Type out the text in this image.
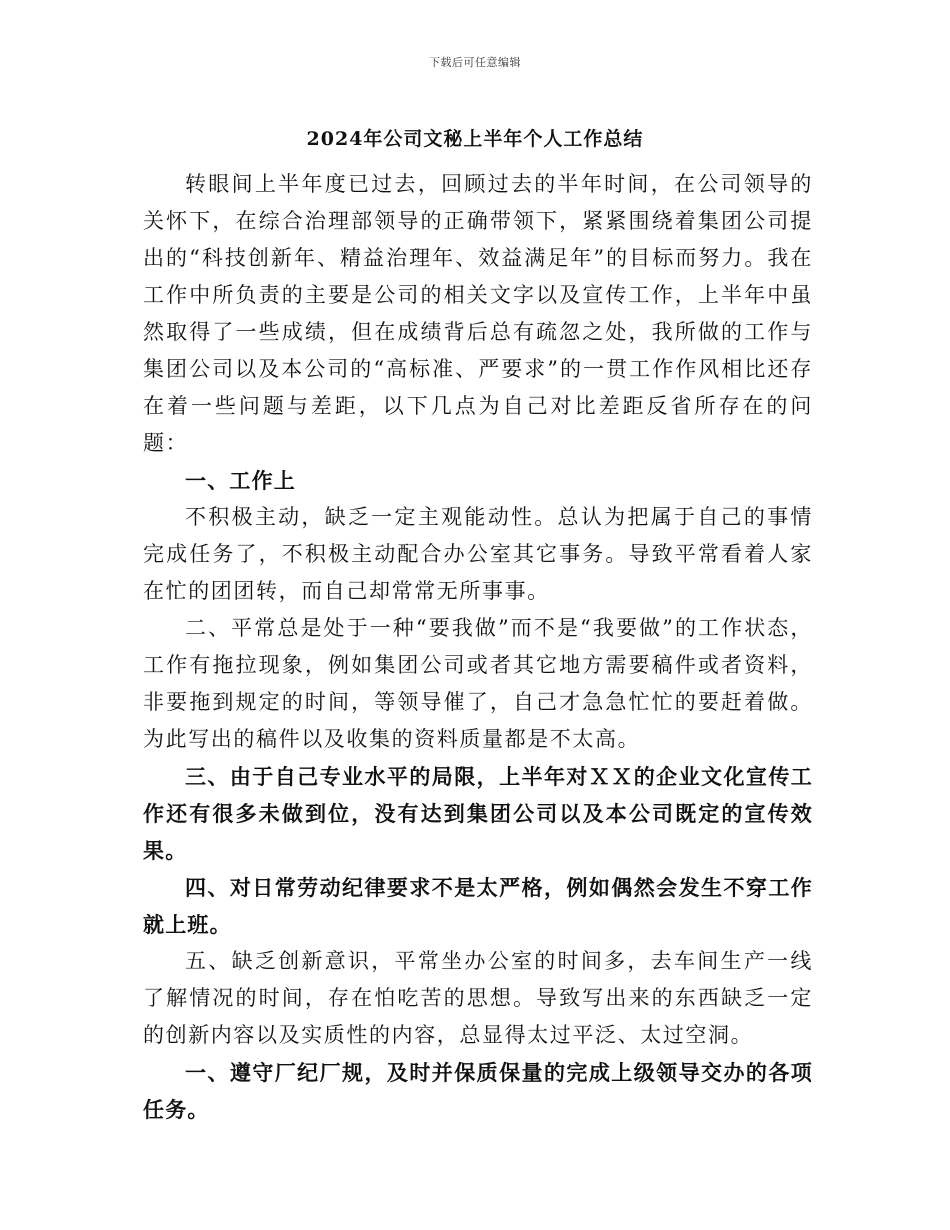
下载后可任意编辑
2024年公司文秘上半年个人工作总结

转眼间上半年度已过去，回顾过去的半年时间，在公司领导的关怀下，在综合治理部领导的正确带领下，紧紧围绕着集团公司提出的“科技创新年、精益治理年、效益满足年”的目标而努力。我在工作中所负责的主要是公司的相关文字以及宣传工作，上半年中虽然取得了一些成绩，但在成绩背后总有疏忽之处，我所做的工作与集团公司以及本公司的“高标准、严要求”的一贯工作作风相比还存在着一些问题与差距，以下几点为自己对比差距反省所存在的问题：

一、工作上

不积极主动，缺乏一定主观能动性。总认为把属于自己的事情完成任务了，不积极主动配合办公室其它事务。导致平常看着人家在忙的团团转，而自己却常常无所事事。

二、平常总是处于一种“要我做”而不是“我要做”的工作状态，工作有拖拉现象，例如集团公司或者其它地方需要稿件或者资料，非要拖到规定的时间，等领导催了，自己才急急忙忙的要赶着做。为此写出的稿件以及收集的资料质量都是不太高。

三、由于自己专业水平的局限，上半年对ＸＸ的企业文化宣传工作还有很多未做到位，没有达到集团公司以及本公司既定的宣传效果。

四、对日常劳动纪律要求不是太严格，例如偶然会发生不穿工作就上班。

五、缺乏创新意识，平常坐办公室的时间多，去车间生产一线了解情况的时间，存在怕吃苦的思想。导致写出来的东西缺乏一定的创新内容以及实质性的内容，总显得太过平泛、太过空洞。

一、遵守厂纪厂规，及时并保质保量的完成上级领导交办的各项任务。
